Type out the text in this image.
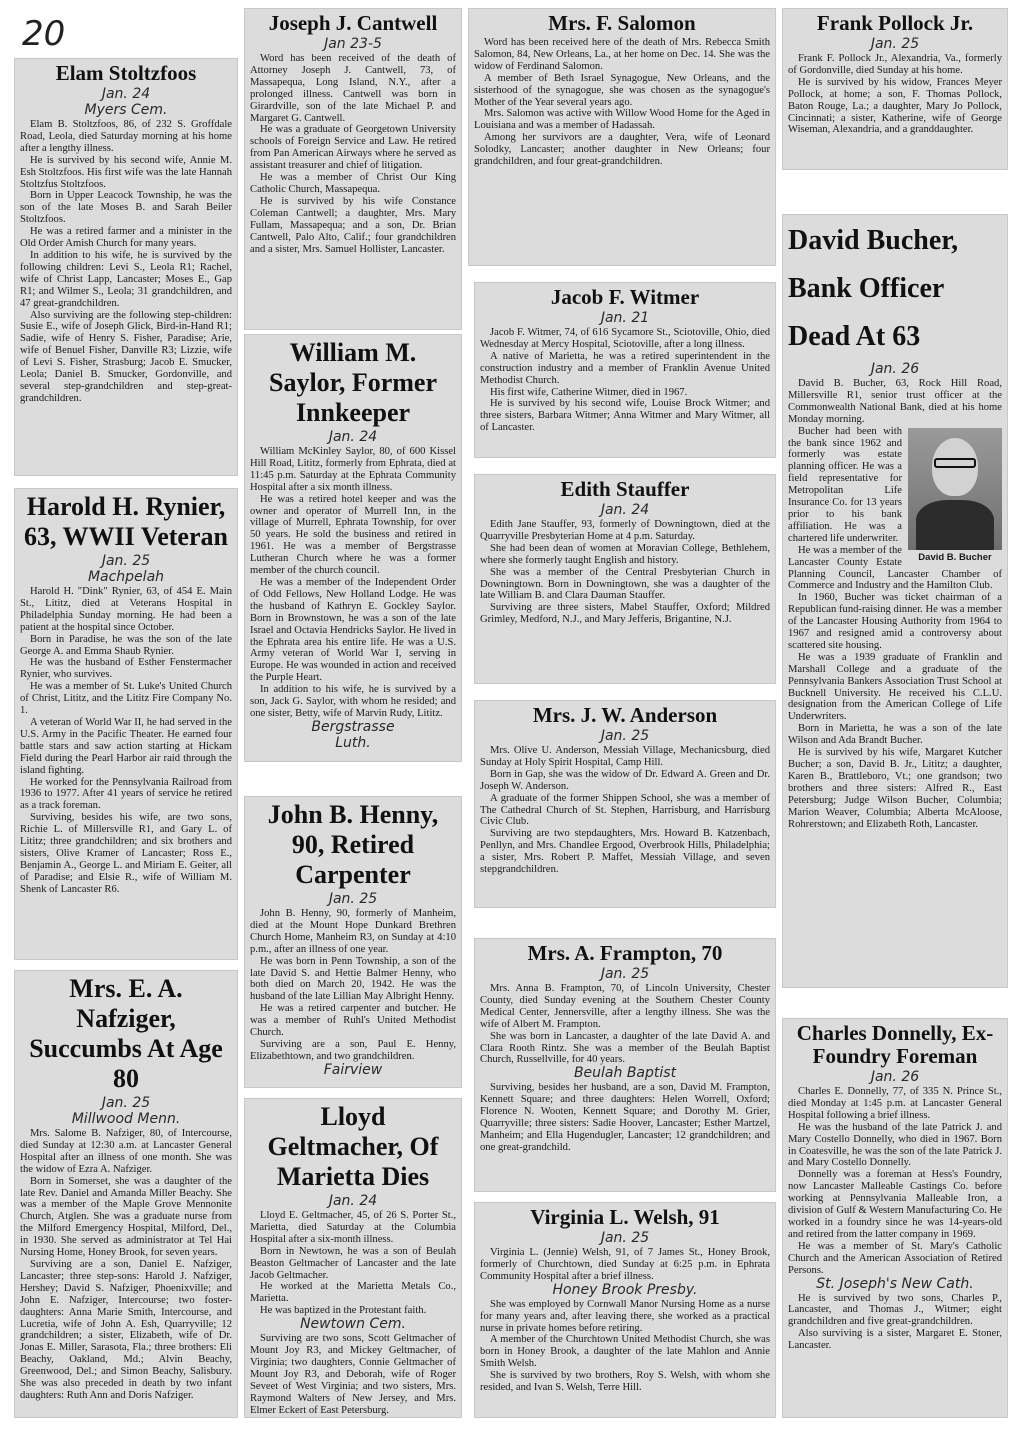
20
Elam Stoltzfoos
Jan. 24
Myers Cem.

Elam B. Stoltzfoos, 86, of 232 S. Groffdale Road, Leola, died Saturday morning at his home after a lengthy illness.

He is survived by his second wife, Annie M. Esh Stoltzfoos. His first wife was the late Hannah Stoltzfus Stoltzfoos.

Born in Upper Leacock Township, he was the son of the late Moses B. and Sarah Beiler Stoltzfoos.

He was a retired farmer and a minister in the Old Order Amish Church for many years.

In addition to his wife, he is survived by the following children: Levi S., Leola R1; Rachel, wife of Christ Lapp, Lancaster; Moses E., Gap R1; and Wilmer S., Leola; 31 grandchildren, and 47 great-grandchildren.

Also surviving are the following step-children: Susie E., wife of Joseph Glick, Bird-in-Hand R1; Sadie, wife of Henry S. Fisher, Paradise; Arie, wife of Benuel Fisher, Danville R3; Lizzie, wife of Levi S. Fisher, Strasburg; Jacob E. Smucker, Leola; Daniel B. Smucker, Gordonville, and several step-grandchildren and step-great-grandchildren.

Harold H. Rynier, 63, WWII Veteran
Jan. 25
Machpelah

Harold H. "Dink" Rynier, 63, of 454 E. Main St., Lititz, died at Veterans Hospital in Philadelphia Sunday morning. He had been a patient at the hospital since October.

Born in Paradise, he was the son of the late George A. and Emma Shaub Rynier.

He was the husband of Esther Fenstermacher Rynier, who survives.

He was a member of St. Luke's United Church of Christ, Lititz, and the Lititz Fire Company No. 1.

A veteran of World War II, he had served in the U.S. Army in the Pacific Theater. He earned four battle stars and saw action starting at Hickam Field during the Pearl Harbor air raid through the island fighting.

He worked for the Pennsylvania Railroad from 1936 to 1977. After 41 years of service he retired as a track foreman.

Surviving, besides his wife, are two sons, Richie L. of Millersville R1, and Gary L. of Lititz; three grandchildren; and six brothers and sisters, Olive Kramer of Lancaster; Ross E., Benjamin A., George L. and Miriam E. Geiter, all of Paradise; and Elsie R., wife of William M. Shenk of Lancaster R6.

Mrs. E. A. Nafziger, Succumbs At Age 80
Jan. 25
Millwood Menn.

Mrs. Salome B. Nafziger, 80, of Intercourse, died Sunday at 12:30 a.m. at Lancaster General Hospital after an illness of one month. She was the widow of Ezra A. Nafziger.

Born in Somerset, she was a daughter of the late Rev. Daniel and Amanda Miller Beachy. She was a member of the Maple Grove Mennonite Church, Atglen. She was a graduate nurse from the Milford Emergency Hospital, Milford, Del., in 1930. She served as administrator at Tel Hai Nursing Home, Honey Brook, for seven years.

Surviving are a son, Daniel E. Nafziger, Lancaster; three step-sons: Harold J. Nafziger, Hershey; David S. Nafziger, Phoenixville; and John E. Nafziger, Intercourse; two foster-daughters: Anna Marie Smith, Intercourse, and Lucretia, wife of John A. Esh, Quarryville; 12 grandchildren; a sister, Elizabeth, wife of Dr. Jonas E. Miller, Sarasota, Fla.; three brothers: Eli Beachy, Oakland, Md.; Alvin Beachy, Greenwood, Del.; and Simon Beachy, Salisbury. She was also preceded in death by two infant daughters: Ruth Ann and Doris Nafziger.

Joseph J. Cantwell
Jan 23-5

Word has been received of the death of Attorney Joseph J. Cantwell, 73, of Massapequa, Long Island, N.Y., after a prolonged illness. Cantwell was born in Girardville, son of the late Michael P. and Margaret G. Cantwell.

He was a graduate of Georgetown University schools of Foreign Service and Law. He retired from Pan American Airways where he served as assistant treasurer and chief of litigation.

He was a member of Christ Our King Catholic Church, Massapequa.

He is survived by his wife Constance Coleman Cantwell; a daughter, Mrs. Mary Fullam, Massapequa; and a son, Dr. Brian Cantwell, Palo Alto, Calif.; four grandchildren and a sister, Mrs. Samuel Hollister, Lancaster.

William M. Saylor, Former Innkeeper
Jan. 24

William McKinley Saylor, 80, of 600 Kissel Hill Road, Lititz, formerly from Ephrata, died at 11:45 p.m. Saturday at the Ephrata Community Hospital after a six month illness.

He was a retired hotel keeper and was the owner and operator of Murrell Inn, in the village of Murrell, Ephrata Township, for over 50 years. He sold the business and retired in 1961. He was a member of Bergstrasse Lutheran Church where he was a former member of the church council.

He was a member of the Independent Order of Odd Fellows, New Holland Lodge. He was the husband of Kathryn E. Gockley Saylor. Born in Brownstown, he was a son of the late Israel and Octavia Hendricks Saylor. He lived in the Ephrata area his entire life. He was a U.S. Army veteran of World War I, serving in Europe. He was wounded in action and received the Purple Heart.

In addition to his wife, he is survived by a son, Jack G. Saylor, with whom he resided; and one sister, Betty, wife of Marvin Rudy, Lititz.

Bergstrasse
Luth.
John B. Henny, 90, Retired Carpenter
Jan. 25

John B. Henny, 90, formerly of Manheim, died at the Mount Hope Dunkard Brethren Church Home, Manheim R3, on Sunday at 4:10 p.m., after an illness of one year.

He was born in Penn Township, a son of the late David S. and Hettie Balmer Henny, who both died on March 20, 1942. He was the husband of the late Lillian May Albright Henny.

He was a retired carpenter and butcher. He was a member of Ruhl's United Methodist Church.

Surviving are a son, Paul E. Henny, Elizabethtown, and two grandchildren.

Fairview
Lloyd Geltmacher, Of Marietta Dies
Jan. 24

Lloyd E. Geltmacher, 45, of 26 S. Porter St., Marietta, died Saturday at the Columbia Hospital after a six-month illness.

Born in Newtown, he was a son of Beulah Beaston Geltmacher of Lancaster and the late Jacob Geltmacher.

He worked at the Marietta Metals Co., Marietta.

He was baptized in the Protestant faith.

Newtown Cem.

Surviving are two sons, Scott Geltmacher of Mount Joy R3, and Mickey Geltmacher, of Virginia; two daughters, Connie Geltmacher of Mount Joy R3, and Deborah, wife of Roger Seveet of West Virginia; and two sisters, Mrs. Raymond Walters of New Jersey, and Mrs. Elmer Eckert of East Petersburg.

Mrs. F. Salomon

Word has been received here of the death of Mrs. Rebecca Smith Salomon, 84, New Orleans, La., at her home on Dec. 14. She was the widow of Ferdinand Salomon.

A member of Beth Israel Synagogue, New Orleans, and the sisterhood of the synagogue, she was chosen as the synagogue's Mother of the Year several years ago.

Mrs. Salomon was active with Willow Wood Home for the Aged in Louisiana and was a member of Hadassah.

Among her survivors are a daughter, Vera, wife of Leonard Solodky, Lancaster; another daughter in New Orleans; four grandchildren, and four great-grandchildren.

Jacob F. Witmer
Jan. 21

Jacob F. Witmer, 74, of 616 Sycamore St., Sciotoville, Ohio, died Wednesday at Mercy Hospital, Sciotoville, after a long illness.

A native of Marietta, he was a retired superintendent in the construction industry and a member of Franklin Avenue United Methodist Church.

His first wife, Catherine Witmer, died in 1967.

He is survived by his second wife, Louise Brock Witmer; and three sisters, Barbara Witmer; Anna Witmer and Mary Witmer, all of Lancaster.

Edith Stauffer
Jan. 24

Edith Jane Stauffer, 93, formerly of Downingtown, died at the Quarryville Presbyterian Home at 4 p.m. Saturday.

She had been dean of women at Moravian College, Bethlehem, where she formerly taught English and history.

She was a member of the Central Presbyterian Church in Downingtown. Born in Downingtown, she was a daughter of the late William B. and Clara Dauman Stauffer.

Surviving are three sisters, Mabel Stauffer, Oxford; Mildred Grimley, Medford, N.J., and Mary Jefferis, Brigantine, N.J.

Mrs. J. W. Anderson
Jan. 25

Mrs. Olive U. Anderson, Messiah Village, Mechanicsburg, died Sunday at Holy Spirit Hospital, Camp Hill.

Born in Gap, she was the widow of Dr. Edward A. Green and Dr. Joseph W. Anderson.

A graduate of the former Shippen School, she was a member of The Cathedral Church of St. Stephen, Harrisburg, and Harrisburg Civic Club.

Surviving are two stepdaughters, Mrs. Howard B. Katzenbach, Penllyn, and Mrs. Chandlee Ergood, Overbrook Hills, Philadelphia; a sister, Mrs. Robert P. Maffet, Messiah Village, and seven stepgrandchildren.

Mrs. A. Frampton, 70
Jan. 25

Mrs. Anna B. Frampton, 70, of Lincoln University, Chester County, died Sunday evening at the Southern Chester County Medical Center, Jennersville, after a lengthy illness. She was the wife of Albert M. Frampton.

She was born in Lancaster, a daughter of the late David A. and Clara Rooth Rintz. She was a member of the Beulah Baptist Church, Russellville, for 40 years.

Beulah Baptist

Surviving, besides her husband, are a son, David M. Frampton, Kennett Square; and three daughters: Helen Worrell, Oxford; Florence N. Wooten, Kennett Square; and Dorothy M. Grier, Quarryville; three sisters: Sadie Hoover, Lancaster; Esther Martzel, Manheim; and Ella Hugendugler, Lancaster; 12 grandchildren; and one great-grandchild.

Virginia L. Welsh, 91
Jan. 25

Virginia L. (Jennie) Welsh, 91, of 7 James St., Honey Brook, formerly of Churchtown, died Sunday at 6:25 p.m. in Ephrata Community Hospital after a brief illness.

Honey Brook Presby.

She was employed by Cornwall Manor Nursing Home as a nurse for many years and, after leaving there, she worked as a practical nurse in private homes before retiring.

A member of the Churchtown United Methodist Church, she was born in Honey Brook, a daughter of the late Mahlon and Annie Smith Welsh.

She is survived by two brothers, Roy S. Welsh, with whom she resided, and Ivan S. Welsh, Terre Hill.

Frank Pollock Jr.
Jan. 25

Frank F. Pollock Jr., Alexandria, Va., formerly of Gordonville, died Sunday at his home.

He is survived by his widow, Frances Meyer Pollock, at home; a son, F. Thomas Pollock, Baton Rouge, La.; a daughter, Mary Jo Pollock, Cincinnati; a sister, Katherine, wife of George Wiseman, Alexandria, and a granddaughter.

David Bucher,
Bank Officer
Dead At 63
Jan. 26

David B. Bucher, 63, Rock Hill Road, Millersville R1, senior trust officer at the Commonwealth National Bank, died at his home Monday morning.

David B. Bucher

Bucher had been with the bank since 1962 and formerly was estate planning officer. He was a field representative for Metropolitan Life Insurance Co. for 13 years prior to his bank affiliation. He was a chartered life underwriter.

He was a member of the Lancaster County Estate Planning Council, Lancaster Chamber of Commerce and Industry and the Hamilton Club.

In 1960, Bucher was ticket chairman of a Republican fund-raising dinner. He was a member of the Lancaster Housing Authority from 1964 to 1967 and resigned amid a controversy about scattered site housing.

He was a 1939 graduate of Franklin and Marshall College and a graduate of the Pennsylvania Bankers Association Trust School at Bucknell University. He received his C.L.U. designation from the American College of Life Underwriters.

Born in Marietta, he was a son of the late Wilson and Ada Brandt Bucher.

He is survived by his wife, Margaret Kutcher Bucher; a son, David B. Jr., Lititz; a daughter, Karen B., Brattleboro, Vt.; one grandson; two brothers and three sisters: Alfred R., East Petersburg; Judge Wilson Bucher, Columbia; Marion Weaver, Columbia; Alberta McAloose, Rohrerstown; and Elizabeth Roth, Lancaster.

Charles Donnelly, Ex-Foundry Foreman
Jan. 26

Charles E. Donnelly, 77, of 335 N. Prince St., died Monday at 1:45 p.m. at Lancaster General Hospital following a brief illness.

He was the husband of the late Patrick J. and Mary Costello Donnelly, who died in 1967. Born in Coatesville, he was the son of the late Patrick J. and Mary Costello Donnelly.

Donnelly was a foreman at Hess's Foundry, now Lancaster Malleable Castings Co. before working at Pennsylvania Malleable Iron, a division of Gulf & Western Manufacturing Co. He worked in a foundry since he was 14-years-old and retired from the latter company in 1969.

He was a member of St. Mary's Catholic Church and the American Association of Retired Persons.

St. Joseph's New Cath.

He is survived by two sons, Charles P., Lancaster, and Thomas J., Witmer; eight grandchildren and five great-grandchildren.

Also surviving is a sister, Margaret E. Stoner, Lancaster.
